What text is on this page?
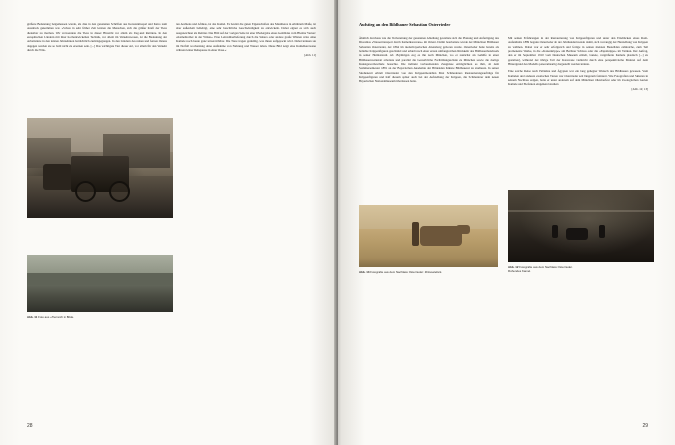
größere Bedeutung beigemessen wurde, als dies in den genannten Schriften aus Konstantinopel und Kairo zum Ausdruck gekommen war. »Schon in sehr früher Zeit lernten die Menschen, sich die größer Kraft der Tiere dienstbar zu machen. Wir verwendete die Tiere in dieser Hinsicht vor allem als Zug-und Reittiere. In den europäischen Ländern mit ihrer hochentwickelten Technik, vor allem im Verkehrswesen, ist die Bedeutung der Arbeitstiere in den letzten Jahrzehnten beträchtlich zurückgegangen. In den Ländern des nahen und fernen Ostens dagegen werden sie so bald nicht zu ersetzen sein. [...] Das wichtigste Tier dieser Art, vor allem für den Verkehr durch die Wüs-
ten Arabiens und Afrikas, ist das Kamel. Es besitzt die guten Eigenschaften des Maultieres in erhöhtem Maße, ist aber außerdem beliebigt, eine sehr beachtliche Geschwindigkeit zu entwickeln. Dabei eignet es sich auch ausgezeichnet als Reittier. Das Bild auf der vorigen Seite ist eine Wiedergabe eines Gemäldes vom Hlemar Verner: »Kameltreiber in der Wüste«. Eine Leinwüberlieferung durch die Sahara oder andere große Wüsten wäre ohne Kamele noch heute ganz unverzichtbar. Die Tiere tragen geduldig, was ihnen aufgepackt wird. Dabei können sie im Notfall wochenlang ohne Aufnahme von Nahrung und Wasser leben. Diese Bild zeigt eine Kamelkarawane während einer Rehepause in einer Oase.«
[Abb. 11]
Abb. 11 Foto aus »Tierreich in Bilde.
28
Aufstieg an den Bildhauer Sebastian Osterrieder
Ähnlich durchaus wie die Vorbereitung der genannten Abteilung gestaltete sich die Planung und Anfertigung des Dioramas »Wassertransport durch Kamelkarawane« im Orient. Damit bearbeitete wurde der Münchner Bildhauer Sebastian Osterrieder, der 1864 im niederbayerischen Abensberg geboren wurde. Osterrieder hatte bereits als beliebte Krippenfiguren geschnitzt und erhielt nach einer ersten umfangreichen Rückkehr des Bildhauerhandwerk in seiner Heimatstadt. Ab 18-jährigen zog es ihn nach München, wo er zunächst als Gehilfe in einer Bildhauerwerkstatt arbeitete und parallel die Gewerbliche Fortbildungsschule zu München sowie die dortige Kunstgewerbeschule besuchte. Die indirekt vorbereitenden Zeugnisse ermöglichten es ihm, ab dem Sommersemester 1881 an der Bayerischen Akademie der Bildenden Künste Bildhauerei zu studieren. In seiner Studienzeit erhielt Osterrieder von den Krippenmodellen Max Schmederers Restaurierungsaufträge für Krippenfiguren und half diesem später auch bei der Aufstellung der Krippen, die Schmederer dem neuen Bayerischen Nationalmuseum überlassen hatte.
Mit seinen Erfahrungen in der Restaurierung von Krippenfiguren und unter den Eindrücken eines Rom-Aufenthalts 1889 begann Osterrieder ab der Jahrhundertwende damit, sich vorrangig der Herstellung von Krippen zu widmen. Dabei war er sehr erfolgreich und fertige in seinen meisten Bestellden zahlreiche, zum Teil promenente Werke, in die »Kaiserkrippe« am Berliner Schloss oder die »Papstkrippe« im Vatikan. Der Aufrag, den er im September 1910 vom Deutschen Museum erhielt, lautete, vergrößerte Kamele plastisch [...] zu gestalten], während der übrige Teil der Karawane vielleicht durch eine perspektivische Malerei auf dem Hintergrund des Modells panoramaartig dargestellt werden könnte.
Eine solche Reise nach Palästina und Ägypten war ein lang gehegter Wunsch des Bildhauers gewesen. Vom Kamelen und anderen exotischen Tieren war Osterrieder seit längerem faziniert. Wie Fotografien und Skizzen in seinem Nachlass zeigen, hatte er unter anderem auf dem Münchner Oktoberfest oder im Zoologischen Garten Kamele und Elefanten eingehend studiert.
[Abb. 12; 13]
Abb. 13 Fotografie aus dem Nachlass Osterrieder: Zirkuselefant.
Abb. 12 Fotografie aus dem Nachlass Osterrieder.
Ruhendes Kamel.
29
